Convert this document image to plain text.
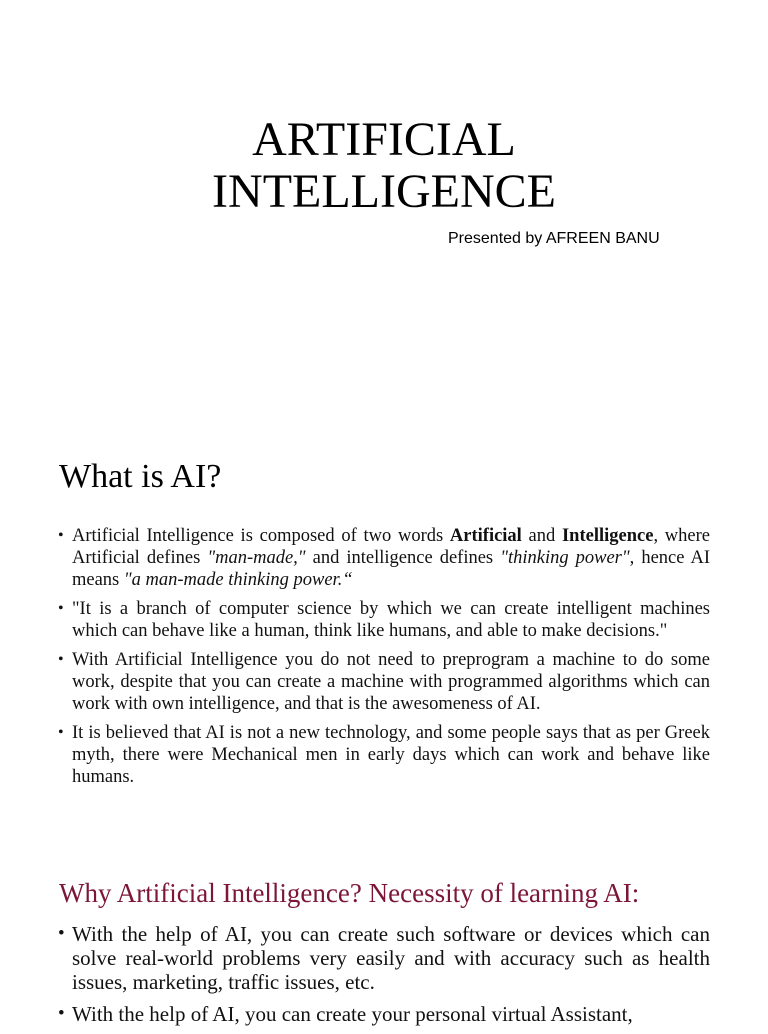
ARTIFICIAL
INTELLIGENCE
Presented by AFREEN BANU
What is AI?
• Artificial Intelligence is composed of two words Artificial and Intelligence, where Artificial defines "man-made," and intelligence defines "thinking power", hence AI means "a man-made thinking power.“
• "It is a branch of computer science by which we can create intelligent machines which can behave like a human, think like humans, and able to make decisions."
• With Artificial Intelligence you do not need to preprogram a machine to do some work, despite that you can create a machine with programmed algorithms which can work with own intelligence, and that is the awesomeness of AI.
• It is believed that AI is not a new technology, and some people says that as per Greek myth, there were Mechanical men in early days which can work and behave like humans.
Why Artificial Intelligence? Necessity of learning AI:
• With the help of AI, you can create such software or devices which can solve real-world problems very easily and with accuracy such as health issues, marketing, traffic issues, etc.
• With the help of AI, you can create your personal virtual Assistant,
